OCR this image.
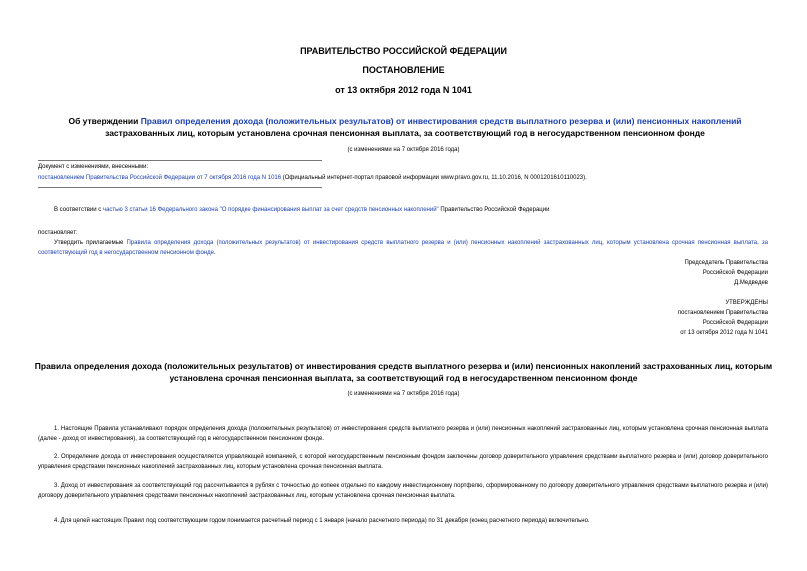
ПРАВИТЕЛЬСТВО РОССИЙСКОЙ ФЕДЕРАЦИИ
ПОСТАНОВЛЕНИЕ
от 13 октября 2012 года N 1041
Об утверждении Правил определения дохода (положительных результатов) от инвестирования средств выплатного резерва и (или) пенсионных накоплений застрахованных лиц, которым установлена срочная пенсионная выплата, за соответствующий год в негосударственном пенсионном фонде
(с изменениями на 7 октября 2016 года)
Документ с изменениями, внесенными:
постановлением Правительства Российской Федерации от 7 октября 2016 года N 1016 (Официальный интернет-портал правовой информации www.pravo.gov.ru, 11.10.2016, N 0001201610110023).
В соответствии с частью 3 статьи 16 Федерального закона "О порядке финансирования выплат за счет средств пенсионных накоплений" Правительство Российской Федерации
постановляет:
Утвердить прилагаемые Правила определения дохода (положительных результатов) от инвестирования средств выплатного резерва и (или) пенсионных накоплений застрахованных лиц, которым установлена срочная пенсионная выплата, за соответствующий год в негосударственном пенсионном фонде.
Председатель Правительства
Российской Федерации
Д.Медведев
УТВЕРЖДЕНЫ
постановлением Правительства
Российской Федерации
от 13 октября 2012 года N 1041
Правила определения дохода (положительных результатов) от инвестирования средств выплатного резерва и (или) пенсионных накоплений застрахованных лиц, которым установлена срочная пенсионная выплата, за соответствующий год в негосударственном пенсионном фонде
(с изменениями на 7 октября 2016 года)
1. Настоящие Правила устанавливают порядок определения дохода (положительных результатов) от инвестирования средств выплатного резерва и (или) пенсионных накоплений застрахованных лиц, которым установлена срочная пенсионная выплата (далее - доход от инвестирования), за соответствующий год в негосударственном пенсионном фонде.
2. Определение дохода от инвестирования осуществляется управляющей компанией, с которой негосударственным пенсионным фондом заключены договор доверительного управления средствами выплатного резерва и (или) договор доверительного управления средствами пенсионных накоплений застрахованных лиц, которым установлена срочная пенсионная выплата.
3. Доход от инвестирования за соответствующий год рассчитывается в рублях с точностью до копеек отдельно по каждому инвестиционному портфелю, сформированному по договору доверительного управления средствами выплатного резерва и (или) договору доверительного управления средствами пенсионных накоплений застрахованных лиц, которым установлена срочная пенсионная выплата.
4. Для целей настоящих Правил под соответствующим годом понимается расчетный период с 1 января (начало расчетного периода) по 31 декабря (конец расчетного периода) включительно.
